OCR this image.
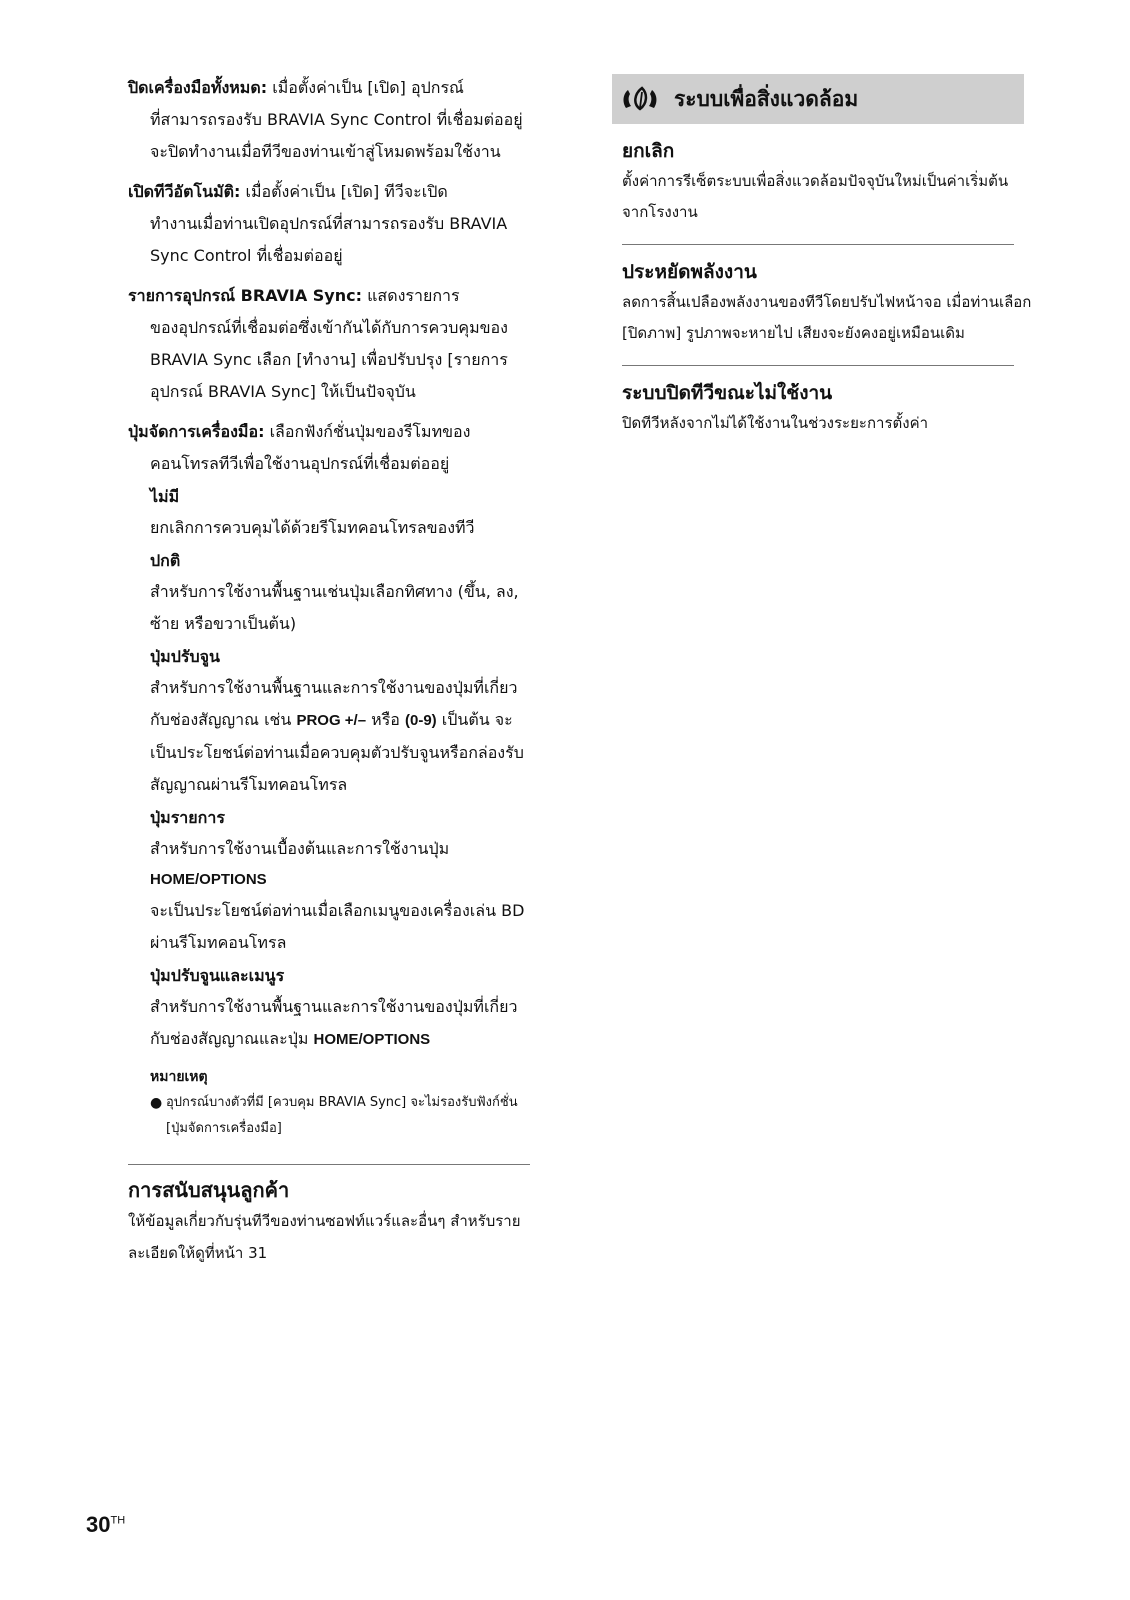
ปิดเครื่องมือทั้งหมด: เมื่อตั้งค่าเป็น [เปิด] อุปกรณ์
ที่สามารถรองรับ BRAVIA Sync Control ที่เชื่อมต่ออยู่จะปิดทำงานเมื่อทีวีของท่านเข้าสู่โหมดพร้อมใช้งาน
เปิดทีวีอัตโนมัติ: เมื่อตั้งค่าเป็น [เปิด] ทีวีจะเปิด
ทำงานเมื่อท่านเปิดอุปกรณ์ที่สามารถรองรับ BRAVIA Sync Control ที่เชื่อมต่ออยู่
รายการอุปกรณ์ BRAVIA Sync: แสดงรายการ
ของอุปกรณ์ที่เชื่อมต่อซึ่งเข้ากันได้กับการควบคุมของ BRAVIA Sync เลือก [ทำงาน] เพื่อปรับปรุง [รายการอุปกรณ์ BRAVIA Sync] ให้เป็นปัจจุบัน
ปุ่มจัดการเครื่องมือ: เลือกฟังก์ชั่นปุ่มของรีโมทของ
คอนโทรลทีวีเพื่อใช้งานอุปกรณ์ที่เชื่อมต่ออยู่
ไม่มี
ยกเลิกการควบคุมได้ด้วยรีโมทคอนโทรลของทีวี
ปกติ
สำหรับการใช้งานพื้นฐานเช่นปุ่มเลือกทิศทาง (ขึ้น, ลง, ซ้าย หรือขวาเป็นต้น)
ปุ่มปรับจูน
สำหรับการใช้งานพื้นฐานและการใช้งานของปุ่มที่เกี่ยวกับช่องสัญญาณ เช่น PROG +/– หรือ (0-9) เป็นต้น จะเป็นประโยชน์ต่อท่านเมื่อควบคุมตัวปรับจูนหรือกล่องรับสัญญาณผ่านรีโมทคอนโทรล
ปุ่มรายการ
สำหรับการใช้งานเบื้องต้นและการใช้งานปุ่ม
HOME/OPTIONS
จะเป็นประโยชน์ต่อท่านเมื่อเลือกเมนูของเครื่องเล่น BD ผ่านรีโมทคอนโทรล
ปุ่มปรับจูนและเมนูร
สำหรับการใช้งานพื้นฐานและการใช้งานของปุ่มที่เกี่ยวกับช่องสัญญาณและปุ่ม HOME/OPTIONS
หมายเหตุ
● อุปกรณ์บางตัวที่มี [ควบคุม BRAVIA Sync] จะไม่รองรับฟังก์ชั่น [ปุ่มจัดการเครื่องมือ]
การสนับสนุนลูกค้า
ให้ข้อมูลเกี่ยวกับรุ่นทีวีของท่านซอฟท์แวร์และอื่นๆ สำหรับรายละเอียดให้ดูที่หน้า 31
ระบบเพื่อสิ่งแวดล้อม
ยกเลิก
ตั้งค่าการรีเซ็ตระบบเพื่อสิ่งแวดล้อมปัจจุบันใหม่เป็นค่าเริ่มต้นจากโรงงาน
ประหยัดพลังงาน
ลดการสิ้นเปลืองพลังงานของทีวีโดยปรับไฟหน้าจอ เมื่อท่านเลือก [ปิดภาพ] รูปภาพจะหายไป เสียงจะยังคงอยู่เหมือนเดิม
ระบบปิดทีวีขณะไม่ใช้งาน
ปิดทีวีหลังจากไม่ได้ใช้งานในช่วงระยะการตั้งค่า
30TH
